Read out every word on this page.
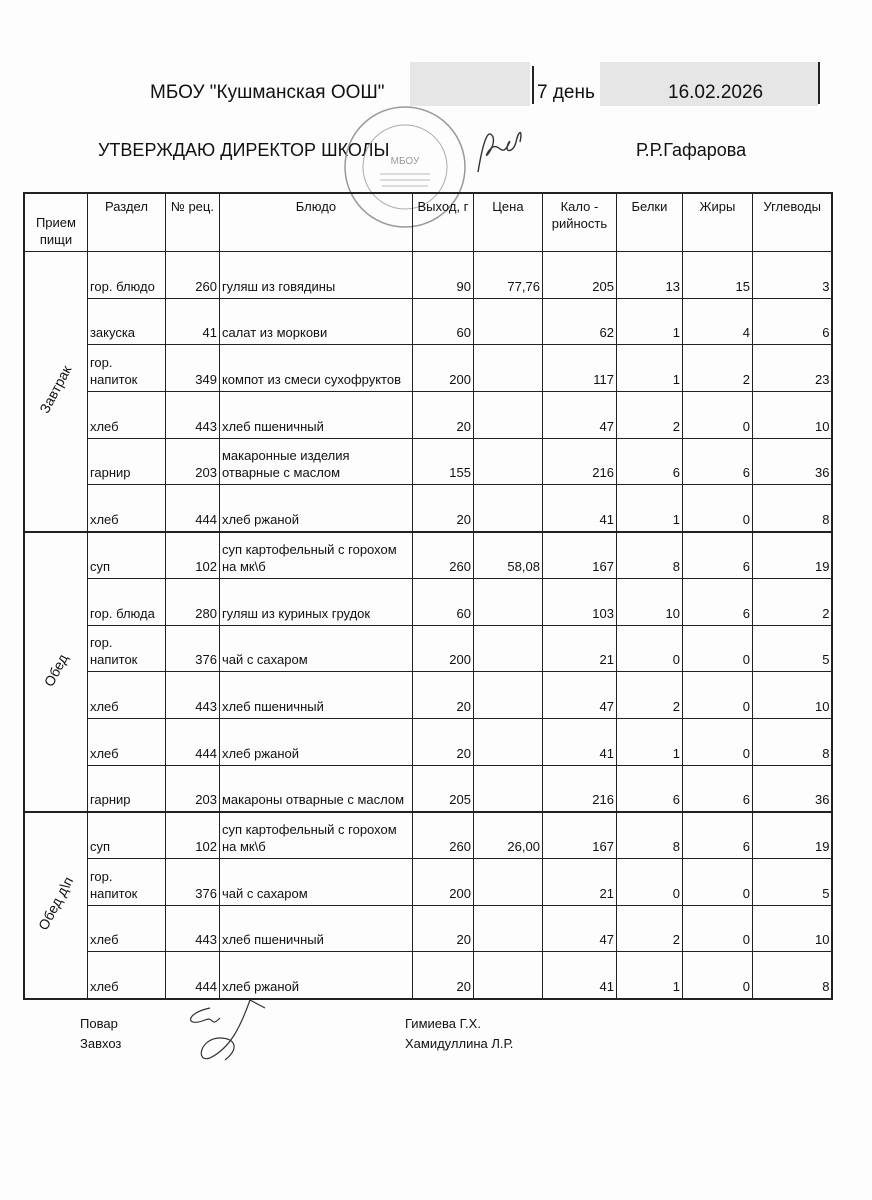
МБОУ "Кушманская ООШ"	7 день	16.02.2026
УТВЕРЖДАЮ ДИРЕКТОР ШКОЛЫ	Р.Р.Гафарова
МБОУ
Прием пищи	Раздел	№ рец.	Блюдо	Выход, г	Цена	Кало - рийность	Белки	Жиры	Углеводы
Завтрак	гор. блюдо	260	гуляш из говядины	90	77,76	205	13	15	3
	закуска	41	салат из моркови	60		62	1	4	6
	гор. напиток	349	компот из смеси сухофруктов	200		117	1	2	23
	хлеб	443	хлеб пшеничный	20		47	2	0	10
	гарнир	203	макаронные изделия отварные с маслом	155		216	6	6	36
	хлеб	444	хлеб ржаной	20		41	1	0	8
Обед	суп	102	суп картофельный с горохом на мк\б	260	58,08	167	8	6	19
	гор. блюда	280	гуляш из куриных грудок	60		103	10	6	2
	гор. напиток	376	чай с сахаром	200		21	0	0	5
	хлеб	443	хлеб пшеничный	20		47	2	0	10
	хлеб	444	хлеб ржаной	20		41	1	0	8
	гарнир	203	макароны отварные с маслом	205		216	6	6	36
Обед д\п	суп	102	суп картофельный с горохом на мк\б	260	26,00	167	8	6	19
	гор. напиток	376	чай с сахаром	200		21	0	0	5
	хлеб	443	хлеб пшеничный	20		47	2	0	10
	хлеб	444	хлеб ржаной	20		41	1	0	8
Повар
Завхоз
Гимиева Г.Х.
Хамидуллина Л.Р.
